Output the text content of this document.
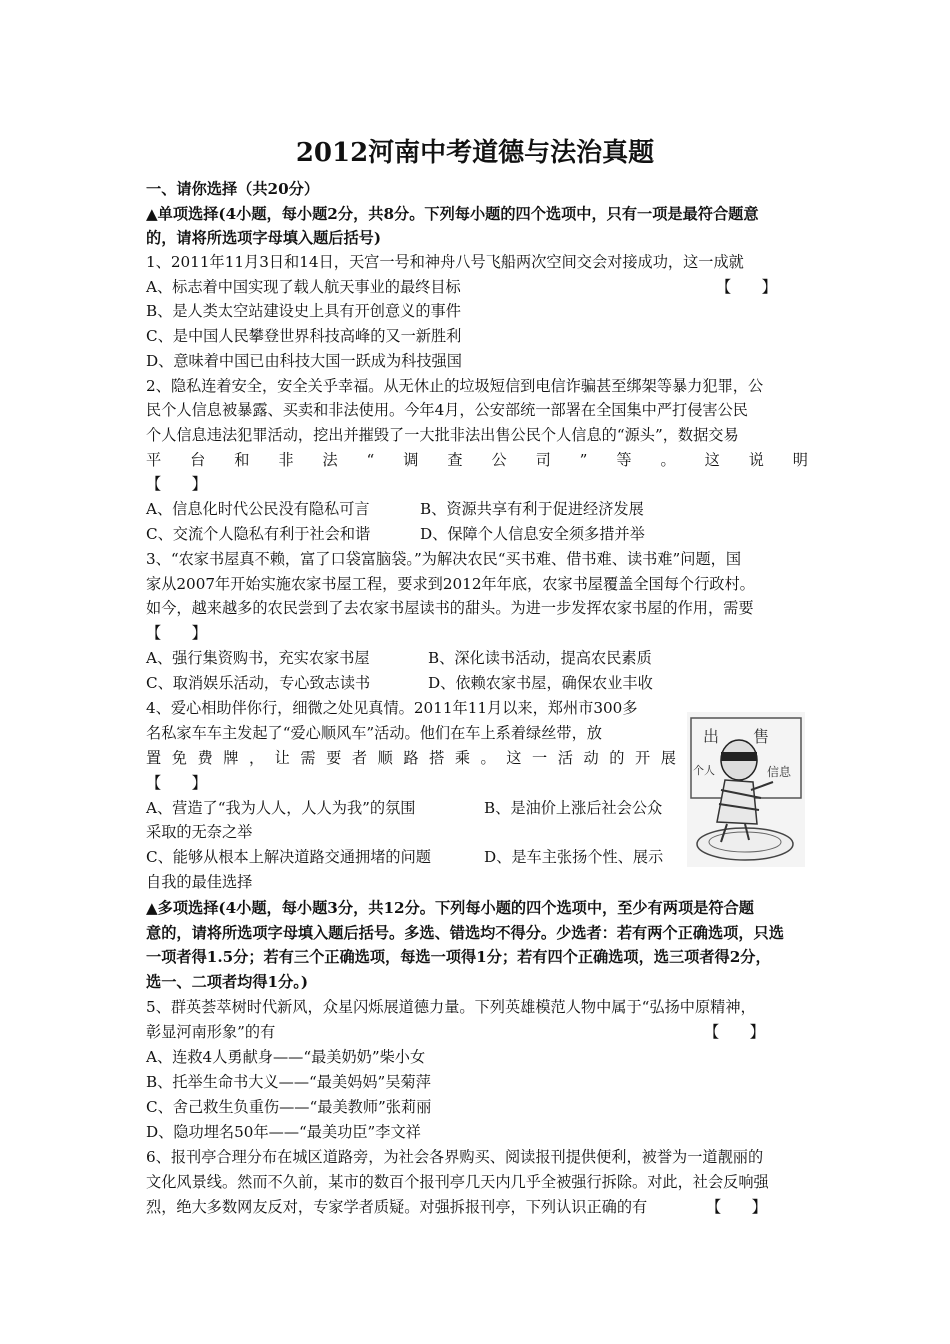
2012河南中考道德与法治真题
一、请你选择（共20分）
▲单项选择(4小题，每小题2分，共8分。下列每小题的四个选项中，只有一项是最符合题意
的，请将所选项字母填入题后括号)
1、2011年11月3日和14日，天宫一号和神舟八号飞船两次空间交会对接成功，这一成就
A、标志着中国实现了载人航天事业的最终目标	【　　】
B、是人类太空站建设史上具有开创意义的事件
C、是中国人民攀登世界科技高峰的又一新胜利
D、意味着中国已由科技大国一跃成为科技强国
2、隐私连着安全，安全关乎幸福。从无休止的垃圾短信到电信诈骗甚至绑架等暴力犯罪，公
民个人信息被暴露、买卖和非法使用。今年4月，公安部统一部署在全国集中严打侵害公民
个人信息违法犯罪活动，挖出并摧毁了一大批非法出售公民个人信息的“源头”，数据交易
平 台 和 非 法 “ 调 查 公 司 ” 等 。 这 说 明
【　　】
A、信息化时代公民没有隐私可言	B、资源共享有利于促进经济发展
C、交流个人隐私有利于社会和谐	D、保障个人信息安全须多措并举
3、“农家书屋真不赖，富了口袋富脑袋。”为解决农民“买书难、借书难、读书难”问题，国
家从2007年开始实施农家书屋工程，要求到2012年年底，农家书屋覆盖全国每个行政村。
如今，越来越多的农民尝到了去农家书屋读书的甜头。为进一步发挥农家书屋的作用，需要
【　　】
A、强行集资购书，充实农家书屋	B、深化读书活动，提高农民素质
C、取消娱乐活动，专心致志读书	D、依赖农家书屋，确保农业丰收
4、爱心相助伴你行，细微之处见真情。2011年11月以来，郑州市300多
名私家车车主发起了“爱心顺风车”活动。他们在车上系着绿丝带，放
置 免 费 牌 ， 让 需 要 者 顺 路 搭 乘 。 这 一 活 动 的 开 展
【　　】
A、营造了“我为人人，人人为我”的氛围	B、是油价上涨后社会公众
采取的无奈之举
C、能够从根本上解决道路交通拥堵的问题	D、是车主张扬个性、展示
自我的最佳选择
出 售
个人	信息
▲多项选择(4小题，每小题3分，共12分。下列每小题的四个选项中，至少有两项是符合题
意的，请将所选项字母填入题后括号。多选、错选均不得分。少选者：若有两个正确选项，只选
一项者得1.5分；若有三个正确选项，每选一项得1分；若有四个正确选项，选三项者得2分，
选一、二项者均得1分。)
5、群英荟萃树时代新风，众星闪烁展道德力量。下列英雄模范人物中属于“弘扬中原精神，
彰显河南形象”的有	【　　】
A、连救4人勇献身——“最美奶奶”柴小女
B、托举生命书大义——“最美妈妈”吴菊萍
C、舍己救生负重伤——“最美教师”张莉丽
D、隐功埋名50年——“最美功臣”李文祥
6、报刊亭合理分布在城区道路旁，为社会各界购买、阅读报刊提供便利，被誉为一道靓丽的
文化风景线。然而不久前，某市的数百个报刊亭几天内几乎全被强行拆除。对此，社会反响强
烈，绝大多数网友反对，专家学者质疑。对强拆报刊亭，下列认识正确的有	【　　】
